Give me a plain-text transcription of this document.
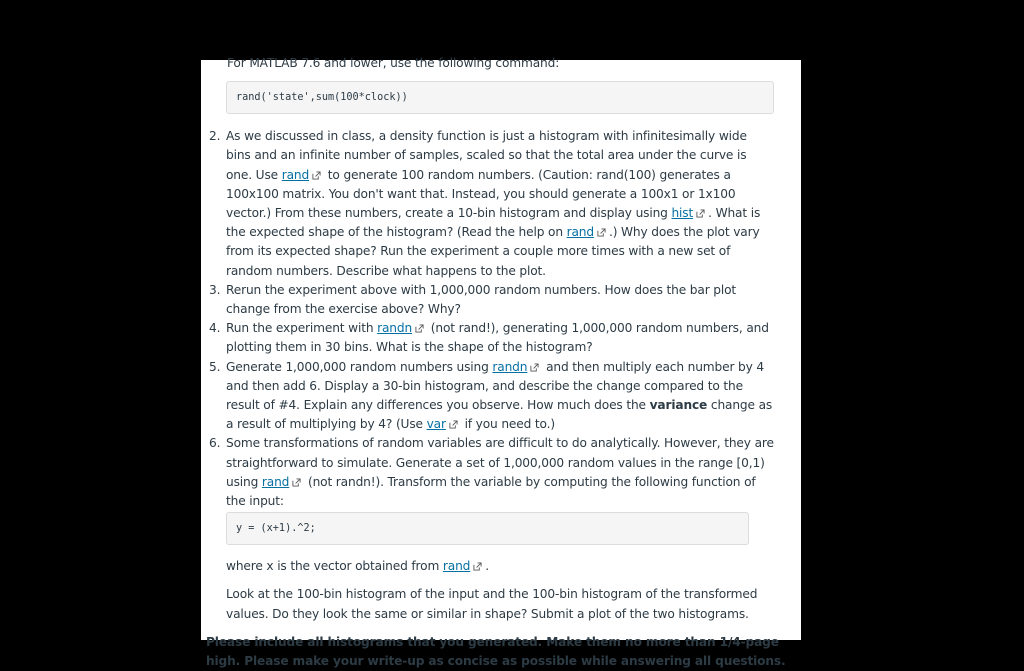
For MATLAB 7.6 and lower, use the following command:

rand('state',sum(100*clock))
2. As we discussed in class, a density function is just a histogram with infinitesimally wide bins and an infinite number of samples, scaled so that the total area under the curve is one. Use rand to generate 100 random numbers. (Caution: rand(100) generates a 100x100 matrix. You don't want that. Instead, you should generate a 100x1 or 1x100 vector.) From these numbers, create a 10-bin histogram and display using hist . What is the expected shape of the histogram? (Read the help on rand .) Why does the plot vary from its expected shape? Run the experiment a couple more times with a new set of random numbers. Describe what happens to the plot.
3. Rerun the experiment above with 1,000,000 random numbers. How does the bar plot change from the exercise above? Why?
4. Run the experiment with randn (not rand!), generating 1,000,000 random numbers, and plotting them in 30 bins. What is the shape of the histogram?
5. Generate 1,000,000 random numbers using randn and then multiply each number by 4 and then add 6. Display a 30-bin histogram, and describe the change compared to the result of #4. Explain any differences you observe. How much does the variance change as a result of multiplying by 4? (Use var if you need to.)
6. Some transformations of random variables are difficult to do analytically. However, they are straightforward to simulate. Generate a set of 1,000,000 random values in the range [0,1) using rand (not randn!). Transform the variable by computing the following function of the input:

y = (x+1).^2;

where x is the vector obtained from rand .

Look at the 100-bin histogram of the input and the 100-bin histogram of the transformed values. Do they look the same or similar in shape? Submit a plot of the two histograms.

Please include all histograms that you generated. Make them no more than 1/4-page high. Please make your write-up as concise as possible while answering all questions.
